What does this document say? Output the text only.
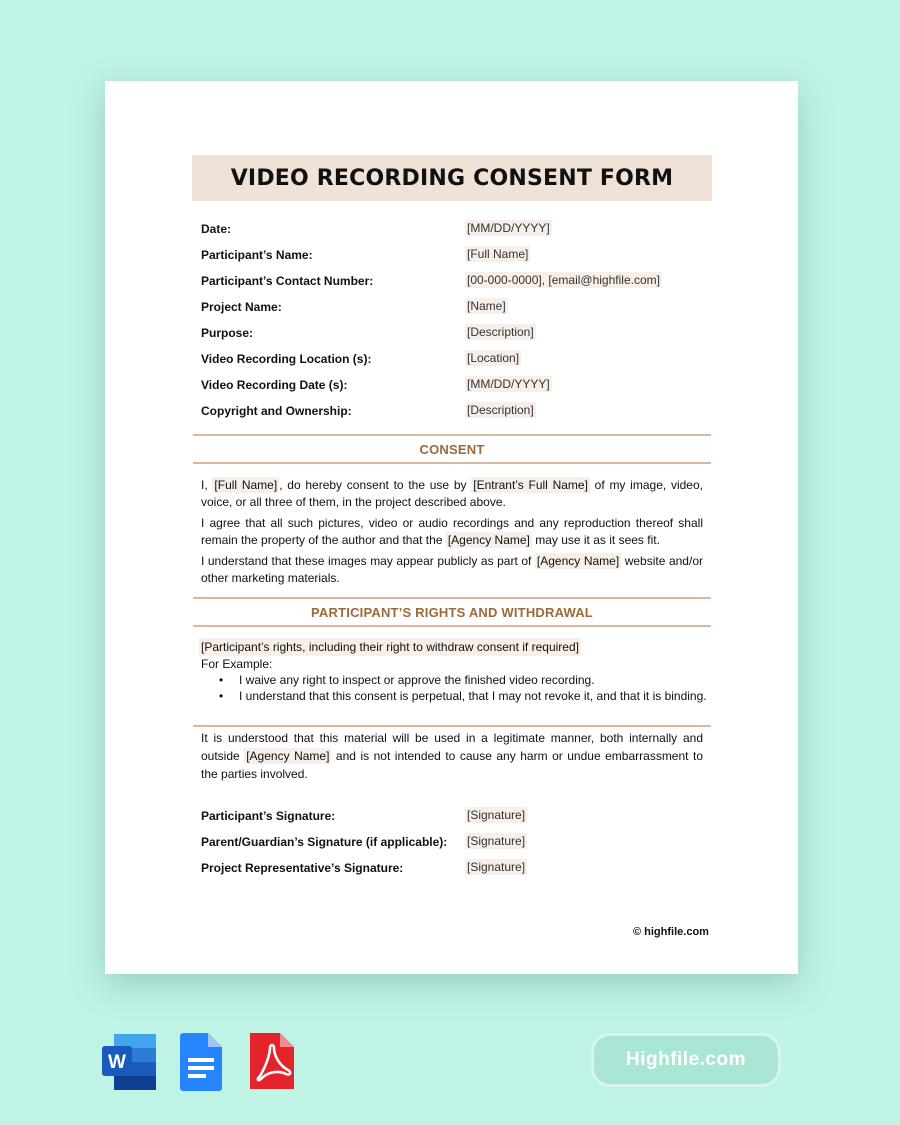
VIDEO RECORDING CONSENT FORM
Date:	[MM/DD/YYYY]
Participant’s Name:	[Full Name]
Participant’s Contact Number:	[00-000-0000], [email@highfile.com]
Project Name:	[Name]
Purpose:	[Description]
Video Recording Location (s):	[Location]
Video Recording Date (s):	[MM/DD/YYYY]
Copyright and Ownership:	[Description]
CONSENT

I, [Full Name] , do hereby consent to the use by [Entrant’s Full Name] of my image, video, voice, or all three of them, in the project described above.

I agree that all such pictures, video or audio recordings and any reproduction thereof shall remain the property of the author and that the [Agency Name] may use it as it sees fit.

I understand that these images may appear publicly as part of [Agency Name] website and/or other marketing materials.

PARTICIPANT’S RIGHTS AND WITHDRAWAL
[Participant’s rights, including their right to withdraw consent if required]
For Example:
• I waive any right to inspect or approve the finished video recording.
• I understand that this consent is perpetual, that I may not revoke it, and that it is binding.

It is understood that this material will be used in a legitimate manner, both internally and outside [Agency Name] and is not intended to cause any harm or undue embarrassment to the parties involved.

Participant’s Signature:	[Signature]
Parent/Guardian’s Signature (if applicable): [Signature]
Project Representative’s Signature:	[Signature]
© highfile.com
W	Highfile.com
